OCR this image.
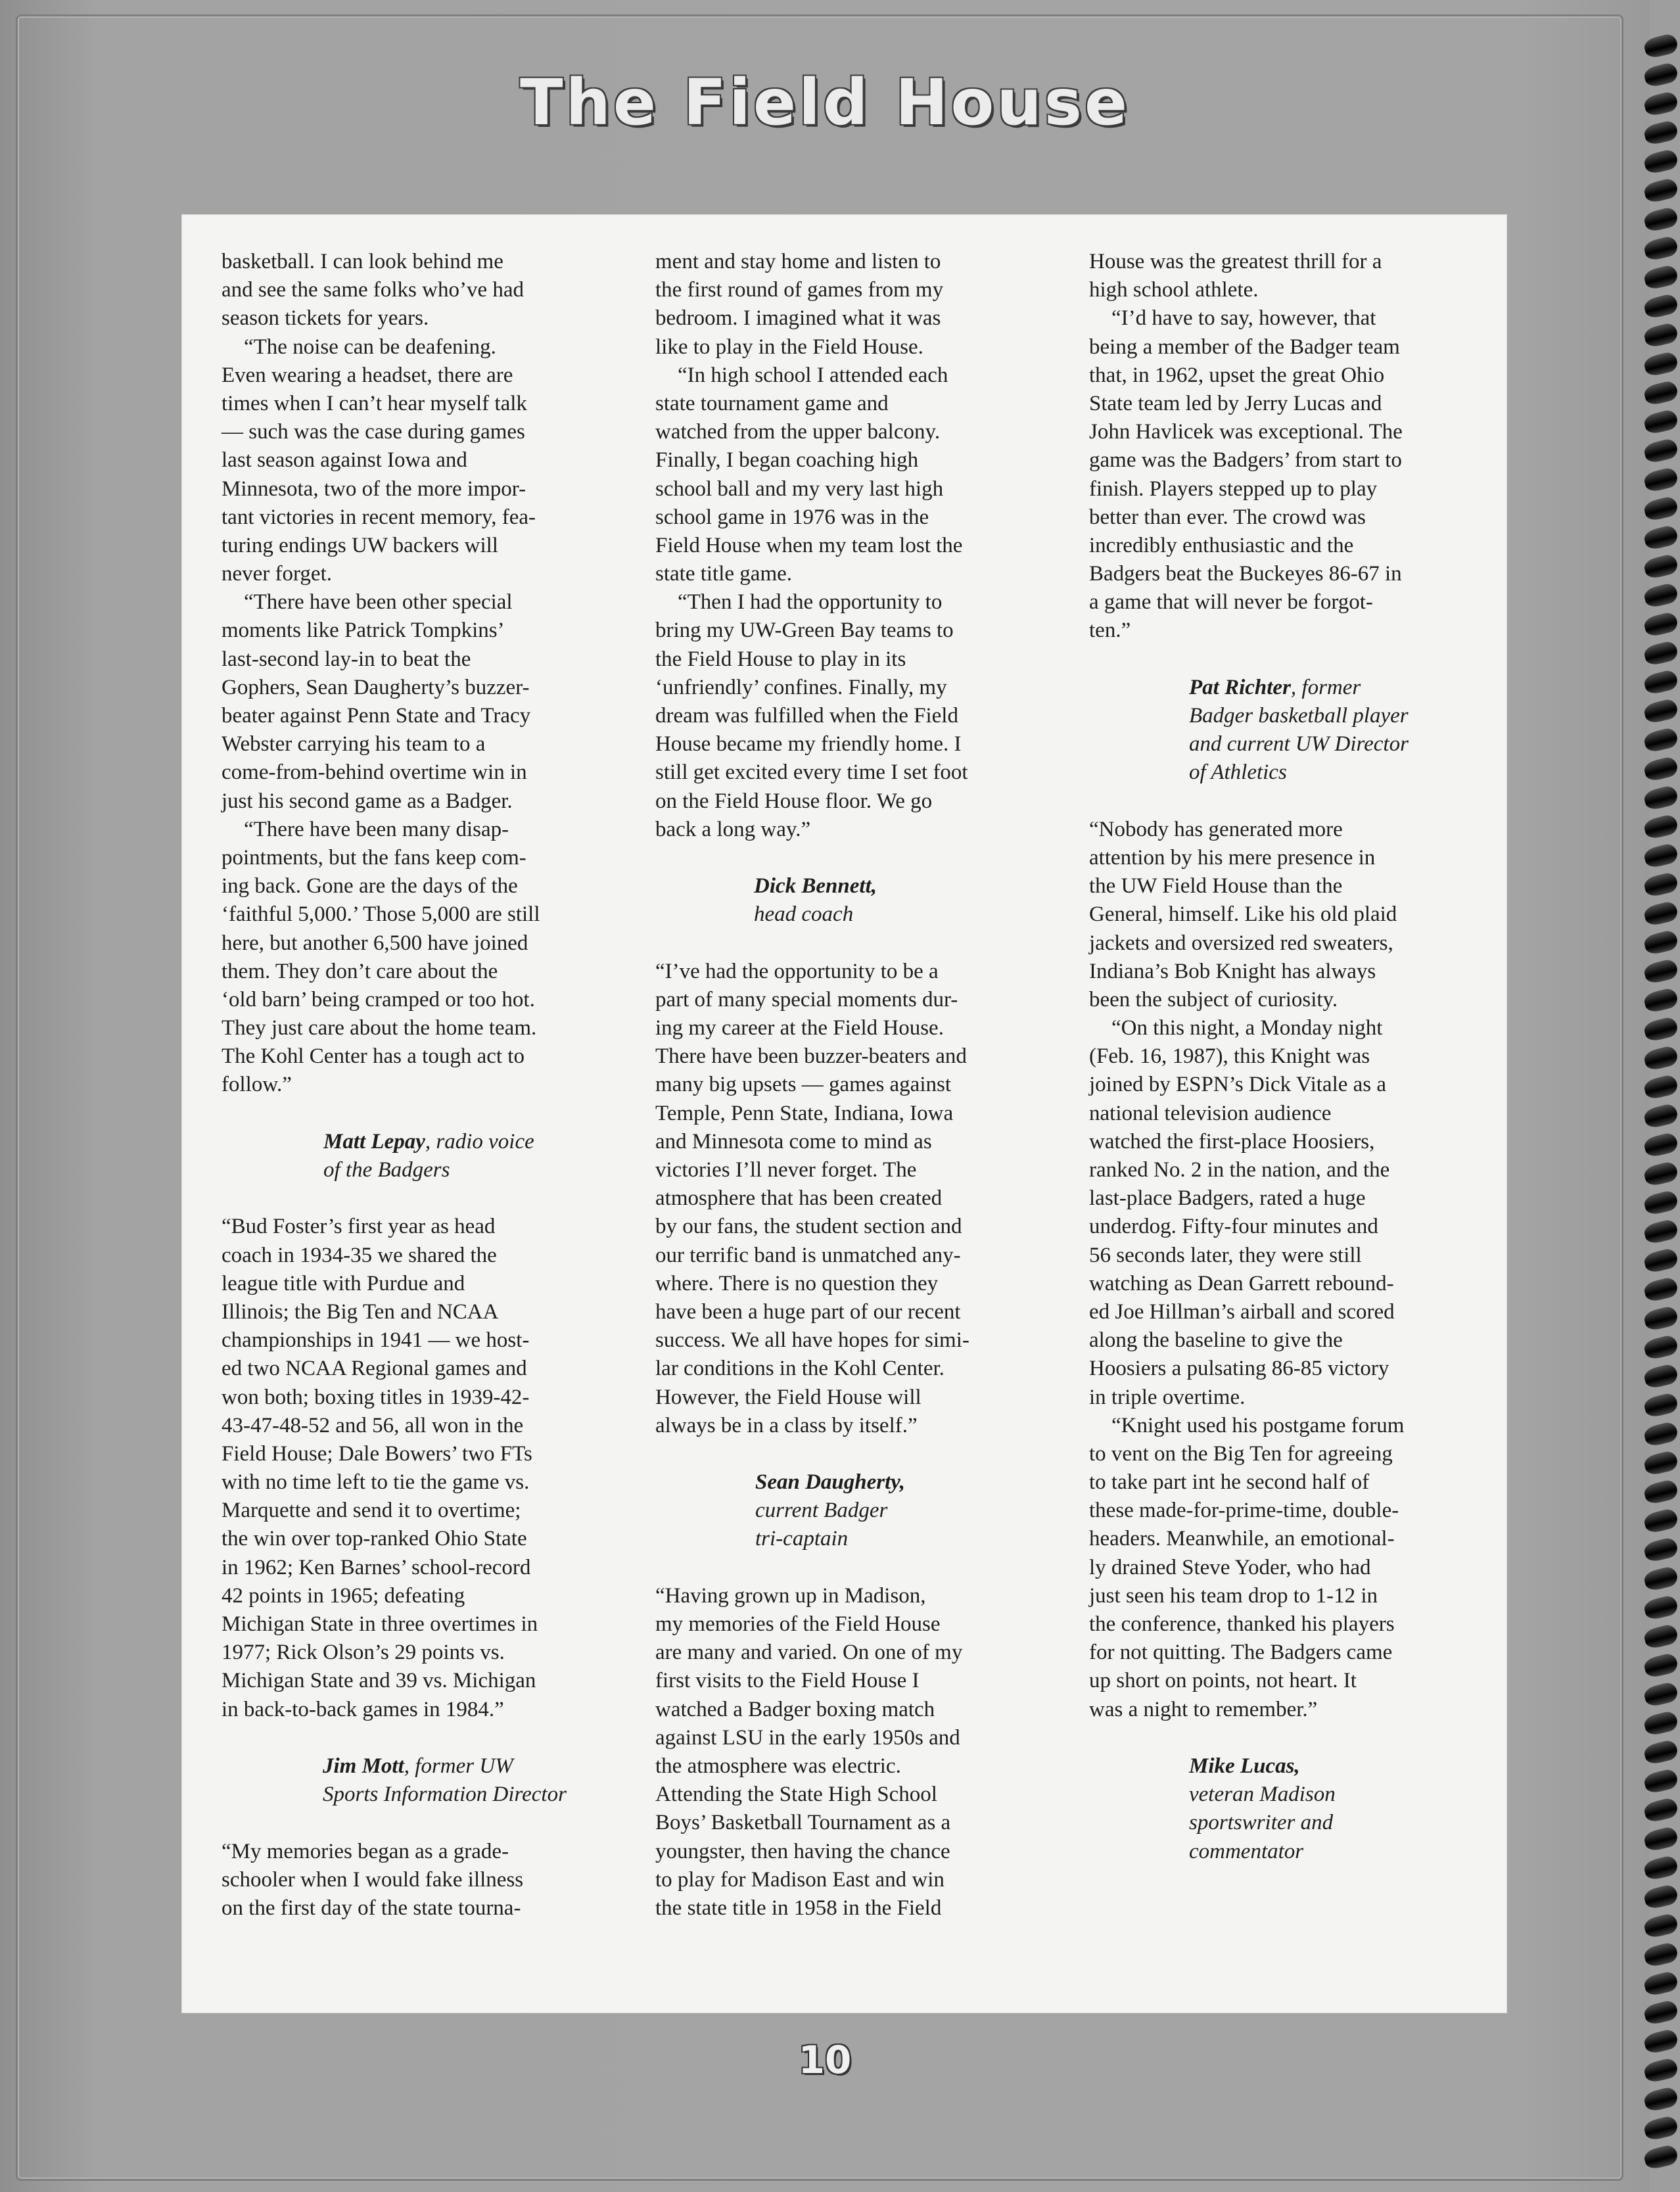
The Field House
basketball. I can look behind me
and see the same folks who’ve had
season tickets for years.
“The noise can be deafening.
Even wearing a headset, there are
times when I can’t hear myself talk
— such was the case during games
last season against Iowa and
Minnesota, two of the more impor-
tant victories in recent memory, fea-
turing endings UW backers will
never forget.
“There have been other special
moments like Patrick Tompkins’
last-second lay-in to beat the
Gophers, Sean Daugherty’s buzzer-
beater against Penn State and Tracy
Webster carrying his team to a
come-from-behind overtime win in
just his second game as a Badger.
“There have been many disap-
pointments, but the fans keep com-
ing back. Gone are the days of the
‘faithful 5,000.’ Those 5,000 are still
here, but another 6,500 have joined
them. They don’t care about the
‘old barn’ being cramped or too hot.
They just care about the home team.
The Kohl Center has a tough act to
follow.”
Matt Lepay, radio voice
of the Badgers
“Bud Foster’s first year as head
coach in 1934-35 we shared the
league title with Purdue and
Illinois; the Big Ten and NCAA
championships in 1941 — we host-
ed two NCAA Regional games and
won both; boxing titles in 1939-42-
43-47-48-52 and 56, all won in the
Field House; Dale Bowers’ two FTs
with no time left to tie the game vs.
Marquette and send it to overtime;
the win over top-ranked Ohio State
in 1962; Ken Barnes’ school-record
42 points in 1965; defeating
Michigan State in three overtimes in
1977; Rick Olson’s 29 points vs.
Michigan State and 39 vs. Michigan
in back-to-back games in 1984.”
Jim Mott, former UW
Sports Information Director
“My memories began as a grade-
schooler when I would fake illness
on the first day of the state tourna-
ment and stay home and listen to
the first round of games from my
bedroom. I imagined what it was
like to play in the Field House.
“In high school I attended each
state tournament game and
watched from the upper balcony.
Finally, I began coaching high
school ball and my very last high
school game in 1976 was in the
Field House when my team lost the
state title game.
“Then I had the opportunity to
bring my UW-Green Bay teams to
the Field House to play in its
‘unfriendly’ confines. Finally, my
dream was fulfilled when the Field
House became my friendly home. I
still get excited every time I set foot
on the Field House floor. We go
back a long way.”
Dick Bennett,
head coach
“I’ve had the opportunity to be a
part of many special moments dur-
ing my career at the Field House.
There have been buzzer-beaters and
many big upsets — games against
Temple, Penn State, Indiana, Iowa
and Minnesota come to mind as
victories I’ll never forget. The
atmosphere that has been created
by our fans, the student section and
our terrific band is unmatched any-
where. There is no question they
have been a huge part of our recent
success. We all have hopes for simi-
lar conditions in the Kohl Center.
However, the Field House will
always be in a class by itself.”
Sean Daugherty,
current Badger
tri-captain
“Having grown up in Madison,
my memories of the Field House
are many and varied. On one of my
first visits to the Field House I
watched a Badger boxing match
against LSU in the early 1950s and
the atmosphere was electric.
Attending the State High School
Boys’ Basketball Tournament as a
youngster, then having the chance
to play for Madison East and win
the state title in 1958 in the Field
House was the greatest thrill for a
high school athlete.
“I’d have to say, however, that
being a member of the Badger team
that, in 1962, upset the great Ohio
State team led by Jerry Lucas and
John Havlicek was exceptional. The
game was the Badgers’ from start to
finish. Players stepped up to play
better than ever. The crowd was
incredibly enthusiastic and the
Badgers beat the Buckeyes 86-67 in
a game that will never be forgot-
ten.”
Pat Richter, former
Badger basketball player
and current UW Director
of Athletics
“Nobody has generated more
attention by his mere presence in
the UW Field House than the
General, himself. Like his old plaid
jackets and oversized red sweaters,
Indiana’s Bob Knight has always
been the subject of curiosity.
“On this night, a Monday night
(Feb. 16, 1987), this Knight was
joined by ESPN’s Dick Vitale as a
national television audience
watched the first-place Hoosiers,
ranked No. 2 in the nation, and the
last-place Badgers, rated a huge
underdog. Fifty-four minutes and
56 seconds later, they were still
watching as Dean Garrett rebound-
ed Joe Hillman’s airball and scored
along the baseline to give the
Hoosiers a pulsating 86-85 victory
in triple overtime.
“Knight used his postgame forum
to vent on the Big Ten for agreeing
to take part int he second half of
these made-for-prime-time, double-
headers. Meanwhile, an emotional-
ly drained Steve Yoder, who had
just seen his team drop to 1-12 in
the conference, thanked his players
for not quitting. The Badgers came
up short on points, not heart. It
was a night to remember.”
Mike Lucas,
veteran Madison
sportswriter and
commentator
10
